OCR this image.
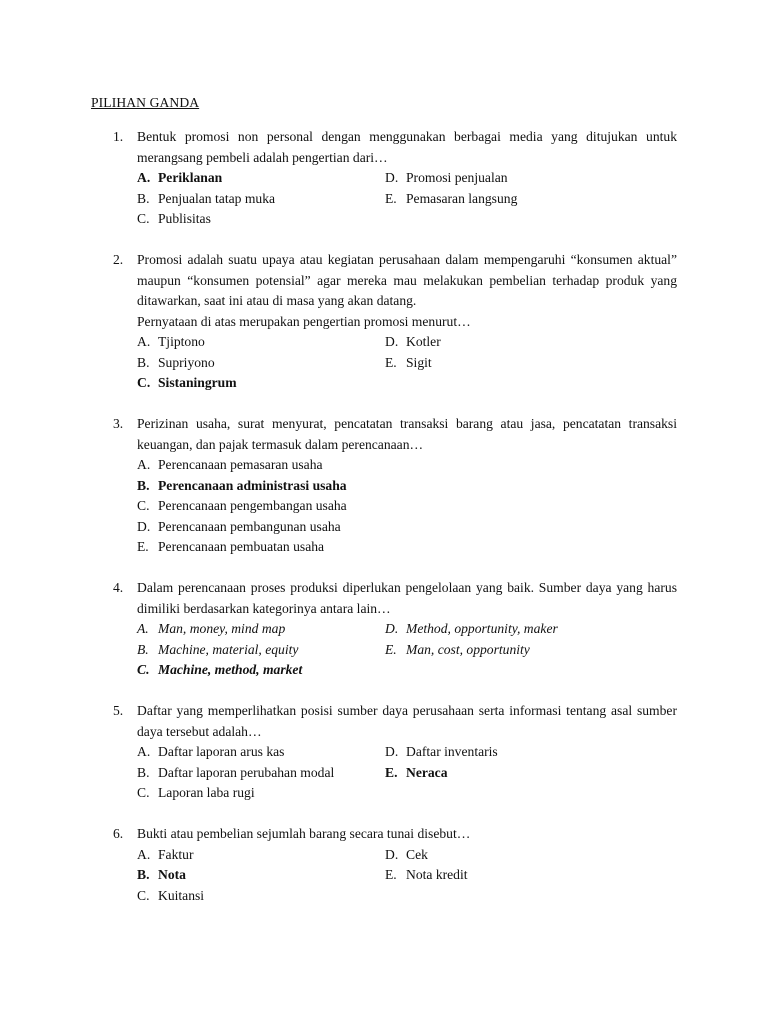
PILIHAN GANDA
1.	Bentuk promosi non personal dengan menggunakan berbagai media yang ditujukan untuk merangsang pembeli adalah pengertian dari…

A. Periklanan	D. Promosi penjualan
B. Penjualan tatap muka	E. Pemasaran langsung
C. Publisitas
2.	Promosi adalah suatu upaya atau kegiatan perusahaan dalam mempengaruhi “konsumen aktual” maupun “konsumen potensial” agar mereka mau melakukan pembelian terhadap produk yang ditawarkan, saat ini atau di masa yang akan datang.

Pernyataan di atas merupakan pengertian promosi menurut…

A. Tjiptono	D. Kotler
B. Supriyono	E. Sigit
C. Sistaningrum
3.	Perizinan usaha, surat menyurat, pencatatan transaksi barang atau jasa, pencatatan transaksi keuangan, dan pajak termasuk dalam perencanaan…

A. Perencanaan pemasaran usaha
B. Perencanaan administrasi usaha
C. Perencanaan pengembangan usaha
D. Perencanaan pembangunan usaha
E. Perencanaan pembuatan usaha
4.	Dalam perencanaan proses produksi diperlukan pengelolaan yang baik. Sumber daya yang harus dimiliki berdasarkan kategorinya antara lain…

A. Man, money, mind map	D. Method, opportunity, maker
B. Machine, material, equity	E. Man, cost, opportunity
C. Machine, method, market
5.	Daftar yang memperlihatkan posisi sumber daya perusahaan serta informasi tentang asal sumber daya tersebut adalah…

A. Daftar laporan arus kas	D. Daftar inventaris
B. Daftar laporan perubahan modal	E. Neraca
C. Laporan laba rugi
6.	Bukti atau pembelian sejumlah barang secara tunai disebut…

A. Faktur	D. Cek
B. Nota	E. Nota kredit
C. Kuitansi
